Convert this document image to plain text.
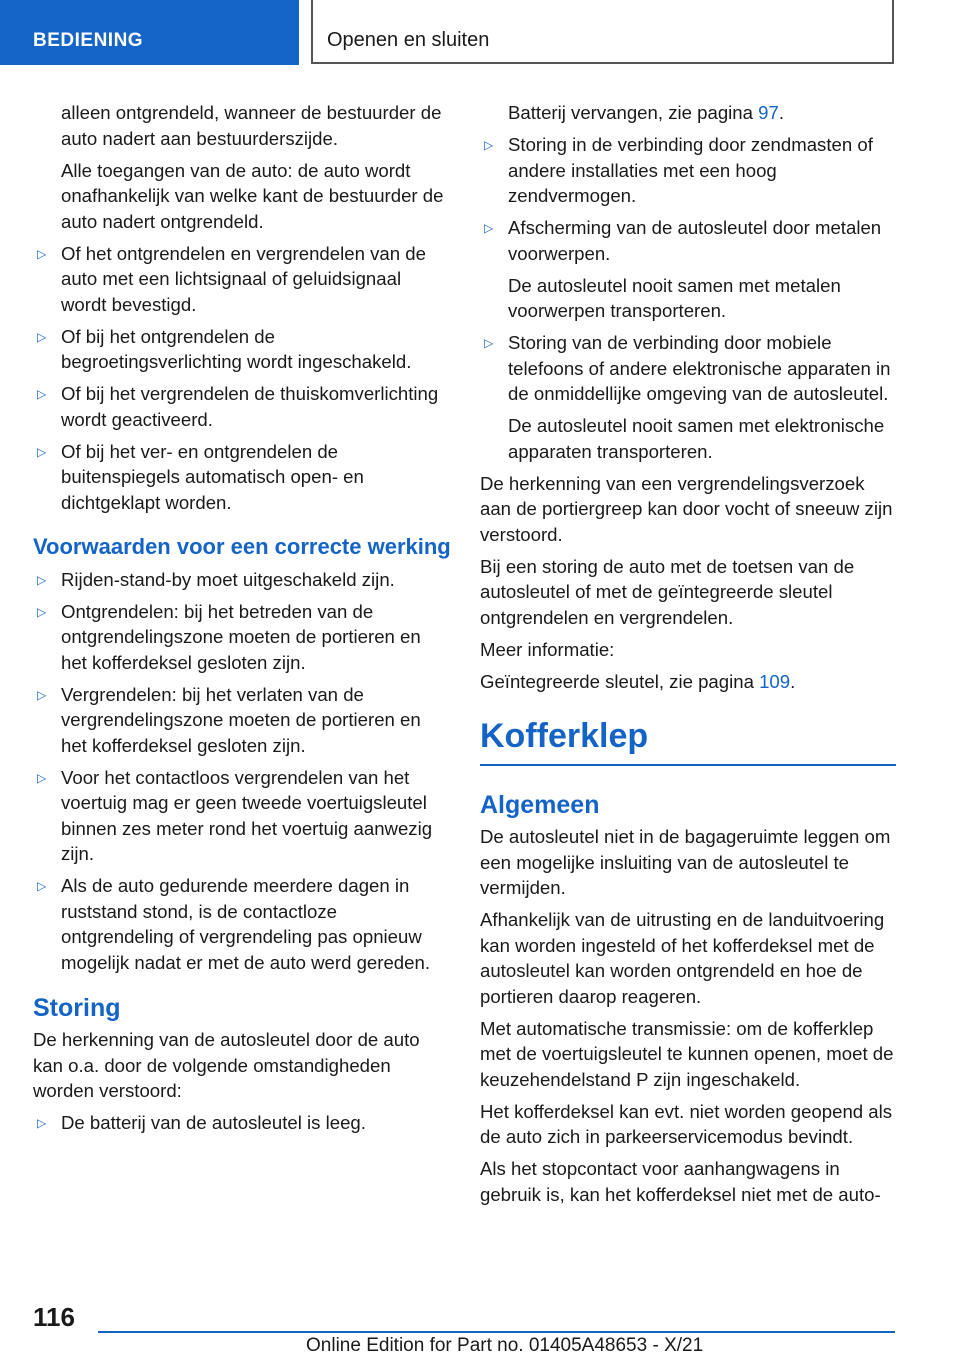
BEDIENING	Openen en sluiten

alleen ontgrendeld, wanneer de bestuurder de auto nadert aan bestuurderszijde.

Alle toegangen van de auto: de auto wordt onafhankelijk van welke kant de bestuurder de auto nadert ontgrendeld.

▷ Of het ontgrendelen en vergrendelen van de auto met een lichtsignaal of geluidsignaal wordt bevestigd.
▷ Of bij het ontgrendelen de begroetingsverlichting wordt ingeschakeld.
▷ Of bij het vergrendelen de thuiskomverlichting wordt geactiveerd.
▷ Of bij het ver- en ontgrendelen de buitenspiegels automatisch open- en dichtgeklapt worden.
Voorwaarden voor een correcte werking
▷ Rijden-stand-by moet uitgeschakeld zijn.
▷ Ontgrendelen: bij het betreden van de ontgrendelingszone moeten de portieren en het kofferdeksel gesloten zijn.
▷ Vergrendelen: bij het verlaten van de vergrendelingszone moeten de portieren en het kofferdeksel gesloten zijn.
▷ Voor het contactloos vergrendelen van het voertuig mag er geen tweede voertuigsleutel binnen zes meter rond het voertuig aanwezig zijn.
▷ Als de auto gedurende meerdere dagen in ruststand stond, is de contactloze ontgrendeling of vergrendeling pas opnieuw mogelijk nadat er met de auto werd gereden.
Storing

De herkenning van de autosleutel door de auto kan o.a. door de volgende omstandigheden worden verstoord:

▷ De batterij van de autosleutel is leeg.

Batterij vervangen, zie pagina 97.

▷ Storing in de verbinding door zendmasten of andere installaties met een hoog zendvermogen.
▷ Afscherming van de autosleutel door metalen voorwerpen.

De autosleutel nooit samen met metalen voorwerpen transporteren.

▷ Storing van de verbinding door mobiele telefoons of andere elektronische apparaten in de onmiddellijke omgeving van de autosleutel.

De autosleutel nooit samen met elektronische apparaten transporteren.

De herkenning van een vergrendelingsverzoek aan de portiergreep kan door vocht of sneeuw zijn verstoord.

Bij een storing de auto met de toetsen van de autosleutel of met de geïntegreerde sleutel ontgrendelen en vergrendelen.

Meer informatie:

Geïntegreerde sleutel, zie pagina 109.

Kofferklep
Algemeen

De autosleutel niet in de bagageruimte leggen om een mogelijke insluiting van de autosleutel te vermijden.

Afhankelijk van de uitrusting en de landuitvoering kan worden ingesteld of het kofferdeksel met de autosleutel kan worden ontgrendeld en hoe de portieren daarop reageren.

Met automatische transmissie: om de kofferklep met de voertuigsleutel te kunnen openen, moet de keuzehendelstand P zijn ingeschakeld.

Het kofferdeksel kan evt. niet worden geopend als de auto zich in parkeerservicemodus bevindt.

Als het stopcontact voor aanhangwagens in gebruik is, kan het kofferdeksel niet met de auto-

116
Online Edition for Part no. 01405A48653 - X/21
